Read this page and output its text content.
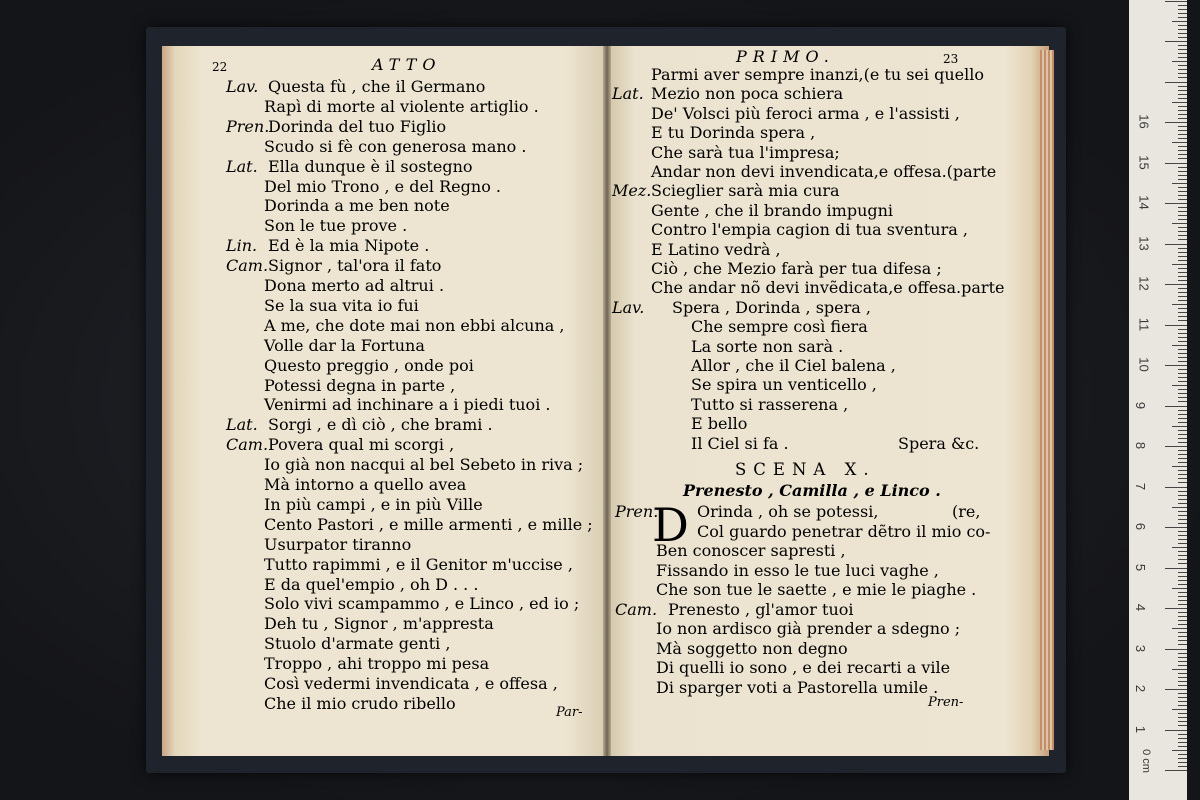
22	ATTO
Lav. Questa fù , che il Germano
Rapì di morte al violente artiglio .
Pren.
Dorinda del tuo Figlio
Scudo si fè con generosa mano .
Lat. Ella dunque è il sostegno
Del mio Trono , e del Regno .
Dorinda a me ben note
Son le tue prove .
Lin. Ed è la mia Nipote .
Cam. Signor , tal'ora il fato
Dona merto ad altrui .
Se la sua vita io fui
A me, che dote mai non ebbi alcuna ,
Volle dar la Fortuna
Questo preggio , onde poi
Potessi degna in parte ,
Venirmi ad inchinare a i piedi tuoi .
Lat. Sorgi , e dì ciò , che brami .
Cam. Povera qual mi scorgi ,
Io già non nacqui al bel Sebeto in riva ;
Mà intorno a quello avea
In più campi , e in più Ville
Cento Pastori , e mille armenti , e mille ;
Usurpator tiranno
Tutto rapimmi , e il Genitor m'uccise ,
E da quel'empio , oh D . . .
Solo vivi scampammo , e Linco , ed io ;
Deh tu , Signor , m'appresta
Stuolo d'armate genti ,
Troppo , ahi troppo mi pesa
Così vedermi invendicata , e offesa ,
Che il mio crudo ribello	Par-
PRIMO.	23
Parmi aver sempre inanzi,(e tu sei quello
Lat. Mezio non poca schiera
De' Volsci più feroci arma , e l'assisti ,
E tu Dorinda spera ,
Che sarà tua l'impresa;
Andar non devi invendicata,e offesa.(parte
Mez. Scieglier sarà mia cura
Gente , che il brando impugni
Contro l'empia cagion di tua sventura ,
E Latino vedrà ,
Ciò , che Mezio farà per tua difesa ;
Che andar nõ devi invẽdicata,e offesa.parte
Lav. Spera , Dorinda , spera ,
Che sempre così fiera
La sorte non sarà .
Allor , che il Ciel balena ,
Se spira un venticello ,
Tutto si rasserena ,
E bello
Il Ciel si fa .	Spera &c.
SCENA X.
Prenesto , Camilla , e Linco .
D
Pren. Orinda , oh se potessi,	(re,
Col guardo penetrar dẽtro il mio co-
Ben conoscer sapresti ,
Fissando in esso le tue luci vaghe ,
Che son tue le saette , e mie le piaghe .
Cam. Prenesto , gl'amor tuoi
Io non ardisco già prender a sdegno ;
Mà soggetto non degno
Di quelli io sono , e dei recarti a vile
Di sparger voti a Pastorella umile .
Pren-
0 cm
1
2
3
4
5
6
7
8
9
10
11
12
13
14
15
16
